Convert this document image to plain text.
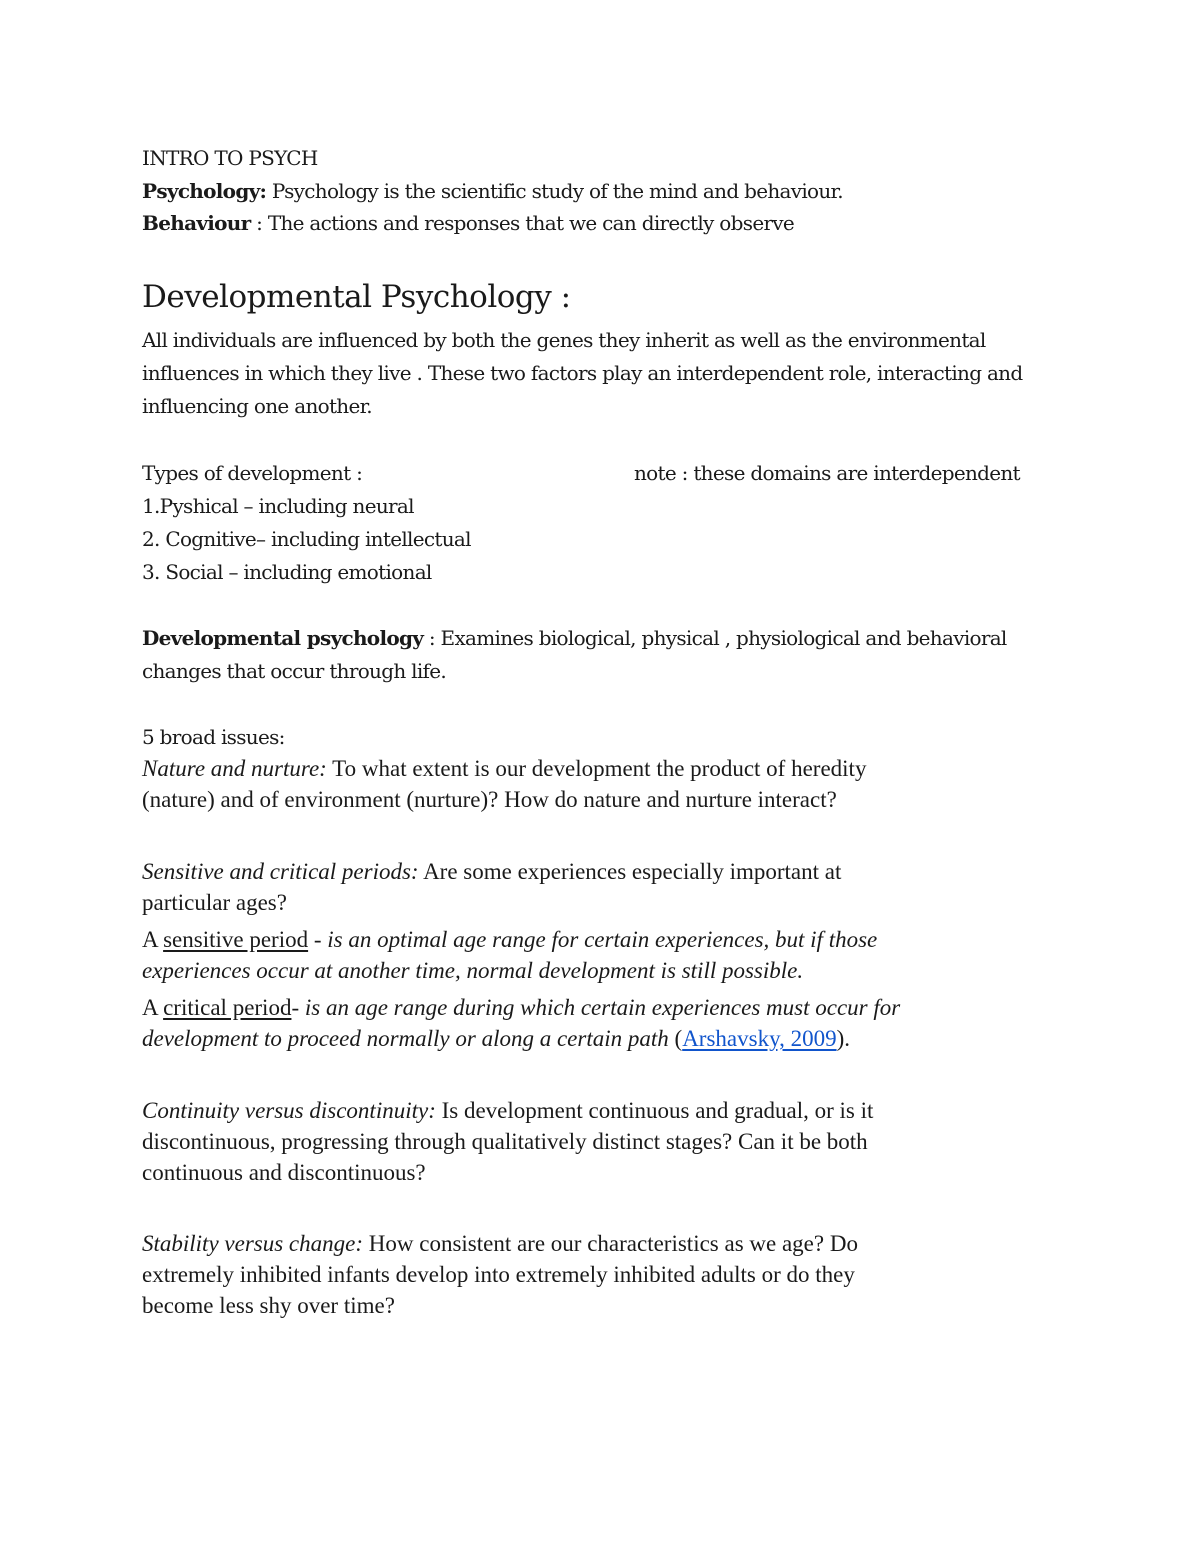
INTRO TO PSYCH
Psychology: Psychology is the scientific study of the mind and behaviour.
Behaviour : The actions and responses that we can directly observe
Developmental Psychology :
All individuals are influenced by both the genes they inherit as well as the environmental
influences in which they live . These two factors play an interdependent role, interacting and
influencing one another.
Types of development :	note : these domains are interdependent
1.Pyshical – including neural
2. Cognitive– including intellectual
3. Social – including emotional
Developmental psychology : Examines biological, physical , physiological and behavioral
changes that occur through life.
5 broad issues:
Nature and nurture: To what extent is our development the product of heredity
(nature) and of environment (nurture)? How do nature and nurture interact?
Sensitive and critical periods: Are some experiences especially important at
particular ages?
A sensitive period - is an optimal age range for certain experiences, but if those
experiences occur at another time, normal development is still possible.
A critical period- is an age range during which certain experiences must occur for
development to proceed normally or along a certain path (Arshavsky, 2009).
Continuity versus discontinuity: Is development continuous and gradual, or is it
discontinuous, progressing through qualitatively distinct stages? Can it be both
continuous and discontinuous?
Stability versus change: How consistent are our characteristics as we age? Do
extremely inhibited infants develop into extremely inhibited adults or do they
become less shy over time?
